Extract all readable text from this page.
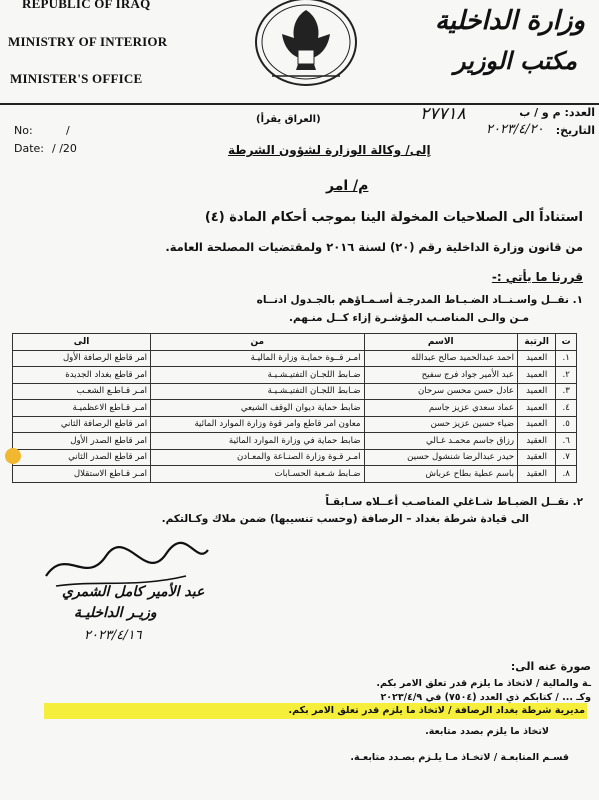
REPUBLIC OF IRAQ
MINISTRY OF INTERIOR
MINISTER'S OFFICE
وزارة الداخلية
مكتب الوزير
العدد: م و / ب
٢٧٧١٨
التاريخ:
٢٠٢٣/٤/٢٠
No:	/
Date: / /20
(العراق يقرأ)
إلى/ وكالة الوزارة لشؤون الشرطة
م/ امر
استناداً الى الصلاحيات المخولة الينا بموجب أحكام المادة (٤)
من قانون وزارة الداخلية رقم (٢٠) لسنة ٢٠١٦ ولمقتضيات المصلحة العامة.
قررنا ما يأتي :-
١. نقــل واسـنــاد الضـبـاط المدرجـة أسـمـاؤهم بالجـدول ادنــاه
مـن والـى المناصـب المؤشـرة إزاء كــل منـهم.
ت	الرتبة	الاسم	من	الى
١.	العميد	احمد عبدالحميد صالح عبدالله	امـر قــوة حمايـة وزارة الماليـة	امر قاطع الرصافة الأول
٢.	العميد	عبد الأمير جواد فرج سفيح	ضـابط اللجـان التفتيـشـيـة	امر قاطع بغداد الجديدة
٣.	العميد	عادل حسن محسن سرحان	ضـابط اللجـان التفتيـشـيـة	امـر قـاطـع الشعـب
٤.	العميد	عماد سعدي عزيز جاسم	ضابط حماية ديوان الوقف الشيعي	امـر قـاطع الاعظميـة
٥.	العميد	ضياء حسين عزيز حسن	معاون امر قاطع وامر قوة وزارة الموارد المائية	امر قاطع الرصافة الثاني
٦.	العقيد	رزاق جاسم محمـد غـالي	ضابط حماية في وزارة الموارد المائية	امر قاطع الصدر الأول
٧.	العقيد	حيدر عبدالرضا شنشول حسين	امـر قـوة وزارة الصنـاعة والمعـادن	امر قاطع الصدر الثاني
٨.	العقيد	باسم عطية بطاح عرباش	ضـابط شـعبة الحسـابات	امـر قـاطع الاستقلال
٢. نقــل الضبـاط شـاغلي المناصـب أعــلاه سـابقـاً
الى قيادة شرطة بغداد – الرصافة (وحسب تنسيبها) ضمن ملاك وكـالتكم.
عبد الأمير كامل الشمري
وزيـر الداخليـة
٢٠٢٣/٤/١٦
صورة عنه الى:
ـة والمالية / لاتخاذ ما يلزم قدر تعلق الامر بكم.
وكـ ... / كتابكم ذي العدد (٧٥٠٤) في ٢٠٢٣/٤/٩
مديرية شرطة بغداد الرصافة / لاتخاذ ما يلزم قدر تعلق الامر بكم.
لاتخاذ ما يلزم بصدد متابعة.
قسـم المتابعـة / لاتخـاذ مـا يلـزم بصـدد متابعـة.
